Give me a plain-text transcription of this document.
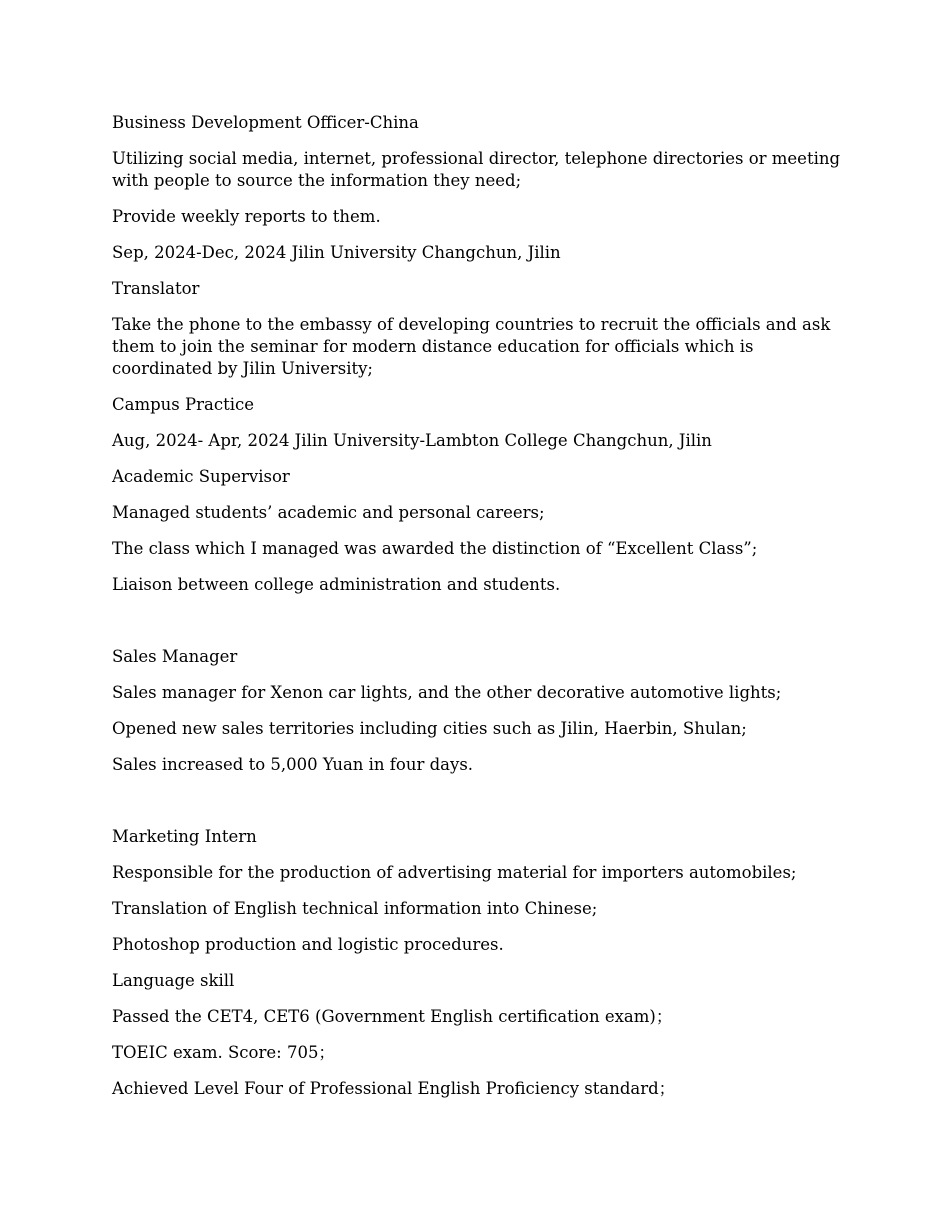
Business Development Officer-China

Utilizing social media, internet, professional director, telephone directories or meeting with people to source the information they need;

Provide weekly reports to them.

Sep, 2024-Dec, 2024 Jilin University Changchun, Jilin

Translator

Take the phone to the embassy of developing countries to recruit the officials and ask them to join the seminar for modern distance education for officials which is coordinated by Jilin University;

Campus Practice

Aug, 2024- Apr, 2024 Jilin University-Lambton College Changchun, Jilin

Academic Supervisor

Managed students’ academic and personal careers;

The class which I managed was awarded the distinction of “Excellent Class”;

Liaison between college administration and students.

Sales Manager

Sales manager for Xenon car lights, and the other decorative automotive lights;

Opened new sales territories including cities such as Jilin, Haerbin, Shulan;

Sales increased to 5,000 Yuan in four days.

Marketing Intern

Responsible for the production of advertising material for importers automobiles;

Translation of English technical information into Chinese;

Photoshop production and logistic procedures.

Language skill

Passed the CET4, CET6 (Government English certification exam)；

TOEIC exam. Score: 705；

Achieved Level Four of Professional English Proficiency standard；
